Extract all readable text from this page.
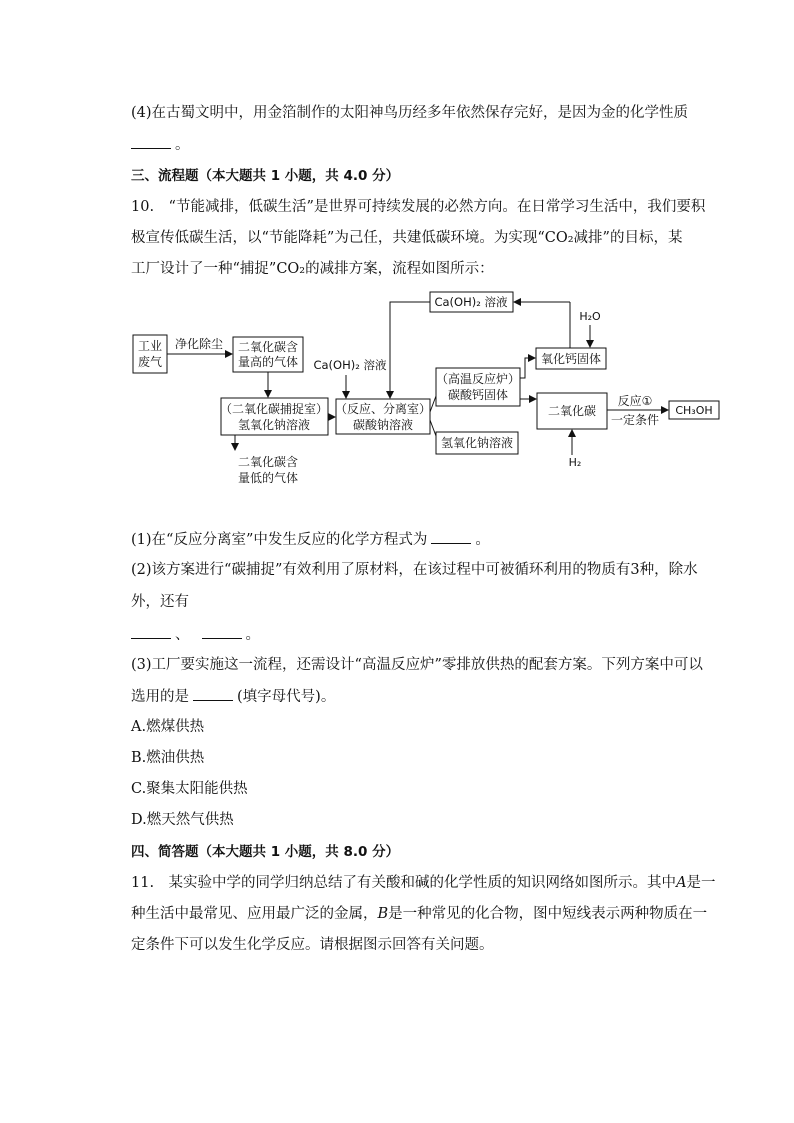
(4)在古蜀文明中，用金箔制作的太阳神鸟历经多年依然保存完好，是因为金的化学性质
。
三、流程题（本大题共 1 小题，共 4.0 分）
10.　“节能减排，低碳生活”是世界可持续发展的必然方向。在日常学习生活中，我们要积
极宣传低碳生活，以“节能降耗”为己任，共建低碳环境。为实现“CO₂减排”的目标，某
工厂设计了一种“捕捉”CO₂的减排方案，流程如图所示：
工业
废气
净化除尘 二氧化碳含
量高的气体
（二氧化碳捕捉室）
氢氧化钠溶液
二氧化碳含
量低的气体
Ca(OH)₂ 溶液
（反应、分离室）
碳酸钠溶液
Ca(OH)₂ 溶液
（高温反应炉）
碳酸钙固体
氢氧化钠溶液
H₂O
氧化钙固体
二氧化碳
H₂
反应①
一定条件
CH₃OH
(1)在“反应分离室”中发生反应的化学方程式为	。
(2)该方案进行“碳捕捉”有效利用了原材料，在该过程中可被循环利用的物质有3种，除水
外，还有
、	。
(3)工厂要实施这一流程，还需设计“高温反应炉”零排放供热的配套方案。下列方案中可以
选用的是	(填字母代号)。
A.燃煤供热
B.燃油供热
C.聚集太阳能供热
D.燃天然气供热
四、简答题（本大题共 1 小题，共 8.0 分）
11.　某实验中学的同学归纳总结了有关酸和碱的化学性质的知识网络如图所示。其中A是一
种生活中最常见、应用最广泛的金属，B是一种常见的化合物，图中短线表示两种物质在一
定条件下可以发生化学反应。请根据图示回答有关问题。
